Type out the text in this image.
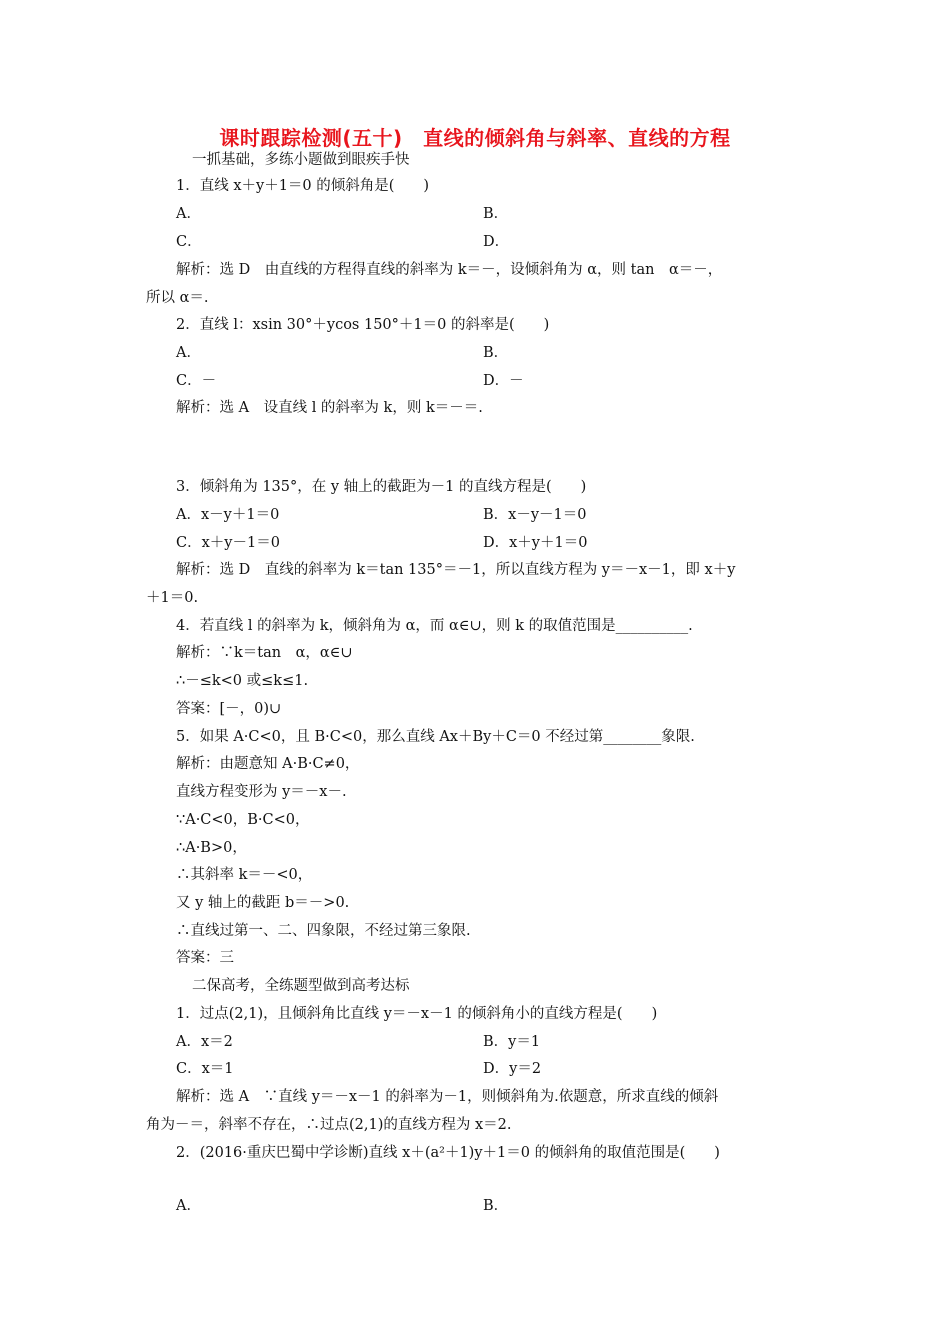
课时跟踪检测(五十)　直线的倾斜角与斜率、直线的方程
一抓基础，多练小题做到眼疾手快
1．直线 x＋y＋1＝0 的倾斜角是(　　)
A．	B．
C．	D．
解析：选 D　由直线的方程得直线的斜率为 k＝－，设倾斜角为 α，则 tan　α＝－，
所以 α＝.
2．直线 l：xsin 30°＋ycos 150°＋1＝0 的斜率是(　　)
A．	B．
C．－	D．－
解析：选 A　设直线 l 的斜率为 k，则 k＝－＝.
3．倾斜角为 135°，在 y 轴上的截距为－1 的直线方程是(　　)
A．x－y＋1＝0	B．x－y－1＝0
C．x＋y－1＝0	D．x＋y＋1＝0
解析：选 D　直线的斜率为 k＝tan 135°＝－1，所以直线方程为 y＝－x－1，即 x＋y
＋1＝0.
4．若直线 l 的斜率为 k，倾斜角为 α，而 α∈∪，则 k 的取值范围是__________.
解析：∵k＝tan　α，α∈∪
∴－≤k<0 或≤k≤1.
答案：[－，0)∪
5．如果 A·C<0，且 B·C<0，那么直线 Ax＋By＋C＝0 不经过第________象限.
解析：由题意知 A·B·C≠0，
直线方程变形为 y＝－x－.
∵A·C<0，B·C<0，
∴A·B>0，
∴其斜率 k＝－<0，
又 y 轴上的截距 b＝－>0.
∴直线过第一、二、四象限，不经过第三象限.
答案：三
二保高考，全练题型做到高考达标
1．过点(2,1)，且倾斜角比直线 y＝－x－1 的倾斜角小的直线方程是(　　)
A．x＝2	B．y＝1
C．x＝1	D．y＝2
解析：选 A　∵直线 y＝－x－1 的斜率为－1，则倾斜角为.依题意，所求直线的倾斜
角为－＝，斜率不存在，∴过点(2,1)的直线方程为 x＝2.
2．(2016·重庆巴蜀中学诊断)直线 x＋(a²＋1)y＋1＝0 的倾斜角的取值范围是(　　)
A．	B．
